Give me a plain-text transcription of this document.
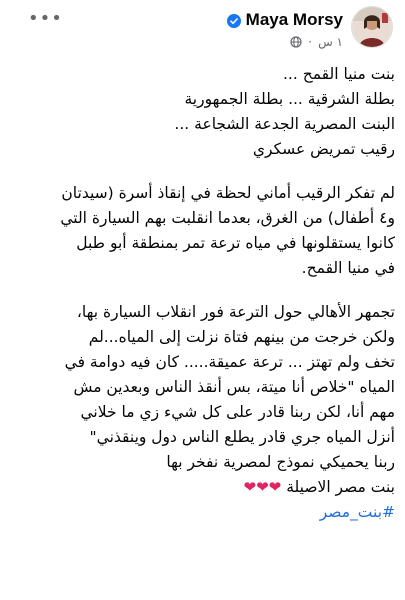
•••	Maya Morsy
· ١ س

بنت منيا القمح ...

بطلة الشرقية ... بطلة الجمهورية

البنت المصرية الجدعة الشجاعة ...

رقيب تمريض عسكري

لم تفكر الرقيب أماني لحظة في إنقاذ أسرة (سيدتان

و٤ أطفال) من الغرق، بعدما انقلبت بهم السيارة التي

كانوا يستقلونها في مياه ترعة تمر بمنطقة أبو طبل

في منيا القمح.

تجمهر الأهالي حول الترعة فور انقلاب السيارة بها،

ولكن خرجت من بينهم فتاة نزلت إلى المياه...لم

تخف ولم تهتز ... ترعة عميقة..... كان فيه دوامة في

المياه "خلاص أنا ميتة، بس أنقذ الناس وبعدين مش

مهم أنا، لكن ربنا قادر على كل شيء زي ما خلاني

أنزل المياه جري قادر يطلع الناس دول وينقذني"

ربنا يحميكي نموذج لمصرية نفخر بها

بنت مصر الاصيلة ❤❤❤

#بنت_مصر
